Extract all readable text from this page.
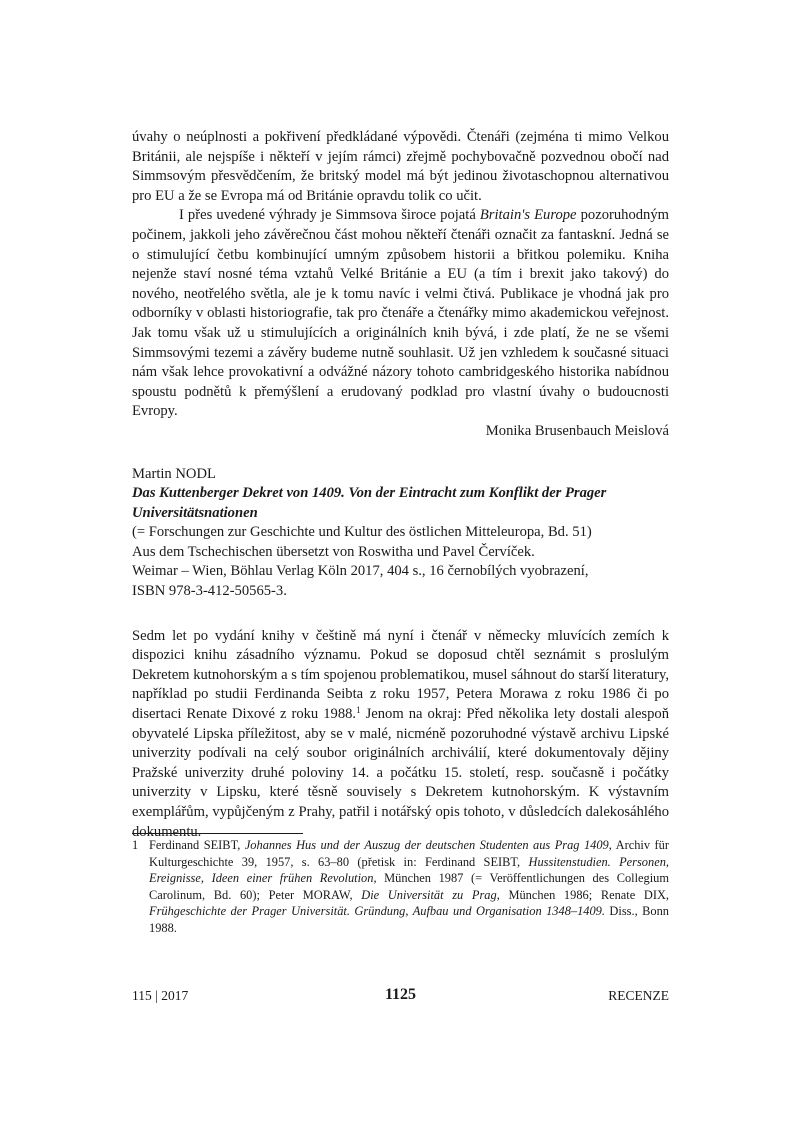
úvahy o neúplnosti a pokřivení předkládané výpovědi. Čtenáři (zejména ti mimo Velkou Británii, ale nejspíše i někteří v jejím rámci) zřejmě pochybovačně pozvednou obočí nad Simmsovým přesvědčením, že britský model má být jedinou životaschopnou alternativou pro EU a že se Evropa má od Británie opravdu tolik co učit.

I přes uvedené výhrady je Simmsova široce pojatá Britain's Europe pozoruhodným počinem, jakkoli jeho závěrečnou část mohou někteří čtenáři označit za fantaskní. Jedná se o stimulující četbu kombinující umným způsobem historii a břitkou polemiku. Kniha nejenže staví nosné téma vztahů Velké Británie a EU (a tím i brexit jako takový) do nového, neotřelého světla, ale je k tomu navíc i velmi čtivá. Publikace je vhodná jak pro odborníky v oblasti historiografie, tak pro čtenáře a čtenářky mimo akademickou veřejnost. Jak tomu však už u stimulujících a originálních knih bývá, i zde platí, že ne se všemi Simmsovými tezemi a závěry budeme nutně souhlasit. Už jen vzhledem k současné situaci nám však lehce provokativní a odvážné názory tohoto cambridgeského historika nabídnou spoustu podnětů k přemýšlení a erudovaný podklad pro vlastní úvahy o budoucnosti Evropy.

Monika Brusenbauch Meislová

Martin NODL

Das Kuttenberger Dekret von 1409. Von der Eintracht zum Konflikt der Prager Universitätsnationen

(= Forschungen zur Geschichte und Kultur des östlichen Mitteleuropa, Bd. 51)

Aus dem Tschechischen übersetzt von Roswitha und Pavel Červíček.

Weimar – Wien, Böhlau Verlag Köln 2017, 404 s., 16 černobílých vyobrazení,

ISBN 978-3-412-50565-3.

Sedm let po vydání knihy v češtině má nyní i čtenář v německy mluvících zemích k dispozici knihu zásadního významu. Pokud se doposud chtěl seznámit s proslulým Dekretem kutnohorským a s tím spojenou problematikou, musel sáhnout do starší literatury, například po studii Ferdinanda Seibta z roku 1957, Petera Morawa z roku 1986 či po disertaci Renate Dixové z roku 1988.$^1$ Jenom na okraj: Před několika lety dostali alespoň obyvatelé Lipska příležitost, aby se v malé, nicméně pozoruhodné výstavě archivu Lipské univerzity podívali na celý soubor originálních archiválií, které dokumentovaly dějiny Pražské univerzity druhé poloviny 14. a počátku 15. století, resp. současně i počátky univerzity v Lipsku, které těsně souvisely s Dekretem kutnohorským. K výstavním exemplářům, vypůjčeným z Prahy, patřil i notářský opis tohoto, v důsledcích dalekosáhlého dokumentu.

1 Ferdinand SEIBT, Johannes Hus und der Auszug der deutschen Studenten aus Prag 1409, Archiv für Kulturgeschichte 39, 1957, s. 63–80 (přetisk in: Ferdinand SEIBT, Hussitenstudien. Personen, Ereignisse, Ideen einer frühen Revolution, München 1987 (= Veröffentlichungen des Collegium Carolinum, Bd. 60); Peter MORAW, Die Universität zu Prag, München 1986; Renate DIX, Frühgeschichte der Prager Universität. Gründung, Aufbau und Organisation 1348–1409. Diss., Bonn 1988.
115 | 2017	1125	RECENZE
